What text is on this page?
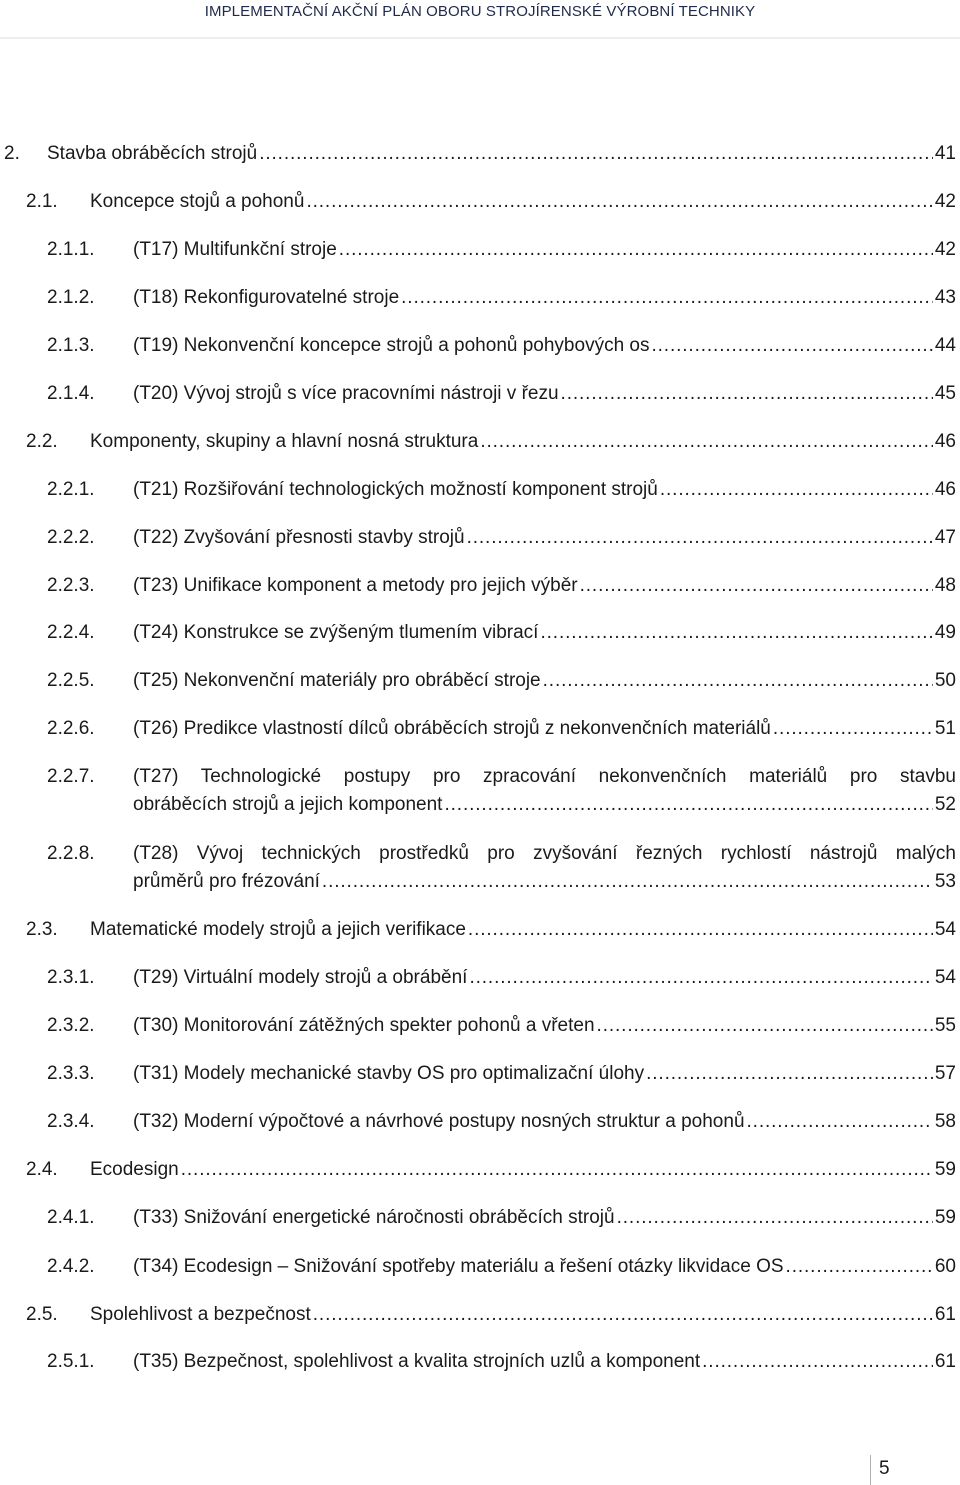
IMPLEMENTAČNÍ AKČNÍ PLÁN OBORU STROJÍRENSKÉ VÝROBNÍ TECHNIKY
2. Stavba obráběcích strojů . . .	41
2.1. Koncepce stojů a pohonů . . .	42
2.1.1. (T17) Multifunkční stroje . . .	42
2.1.2. (T18) Rekonfigurovatelné stroje . . .	43
2.1.3. (T19) Nekonvenční koncepce strojů a pohonů pohybových os . . .	44
2.1.4. (T20) Vývoj strojů s více pracovními nástroji v řezu . . .	45
2.2. Komponenty, skupiny a hlavní nosná struktura . . .	46
2.2.1. (T21) Rozšiřování technologických možností komponent strojů . . .	46
2.2.2. (T22) Zvyšování přesnosti stavby strojů . . .	47
2.2.3. (T23) Unifikace komponent a metody pro jejich výběr . . .	48
2.2.4. (T24) Konstrukce se zvýšeným tlumením vibrací . . .	49
2.2.5. (T25) Nekonvenční materiály pro obráběcí stroje . . .	50
2.2.6. (T26) Predikce vlastností dílců obráběcích strojů z nekonvenčních materiálů . . .	51
2.2.7. (T27) Technologické postupy pro zpracování nekonvenčních materiálů pro stavbu
obráběcích strojů a jejich komponent . . .	52
2.2.8. (T28) Vývoj technických prostředků pro zvyšování řezných rychlostí nástrojů malých
průměrů pro frézování . . .	53
2.3. Matematické modely strojů a jejich verifikace . . .	54
2.3.1. (T29) Virtuální modely strojů a obrábění . . .	54
2.3.2. (T30) Monitorování zátěžných spekter pohonů a vřeten . . .	55
2.3.3. (T31) Modely mechanické stavby OS pro optimalizační úlohy . . .	57
2.3.4. (T32) Moderní výpočtové a návrhové postupy nosných struktur a pohonů . . .	58
2.4. Ecodesign . . .	59
2.4.1. (T33) Snižování energetické náročnosti obráběcích strojů . . .	59
2.4.2. (T34) Ecodesign – Snižování spotřeby materiálu a řešení otázky likvidace OS . . .	60
2.5. Spolehlivost a bezpečnost . . .	61
2.5.1. (T35) Bezpečnost, spolehlivost a kvalita strojních uzlů a komponent . . .	61
5
